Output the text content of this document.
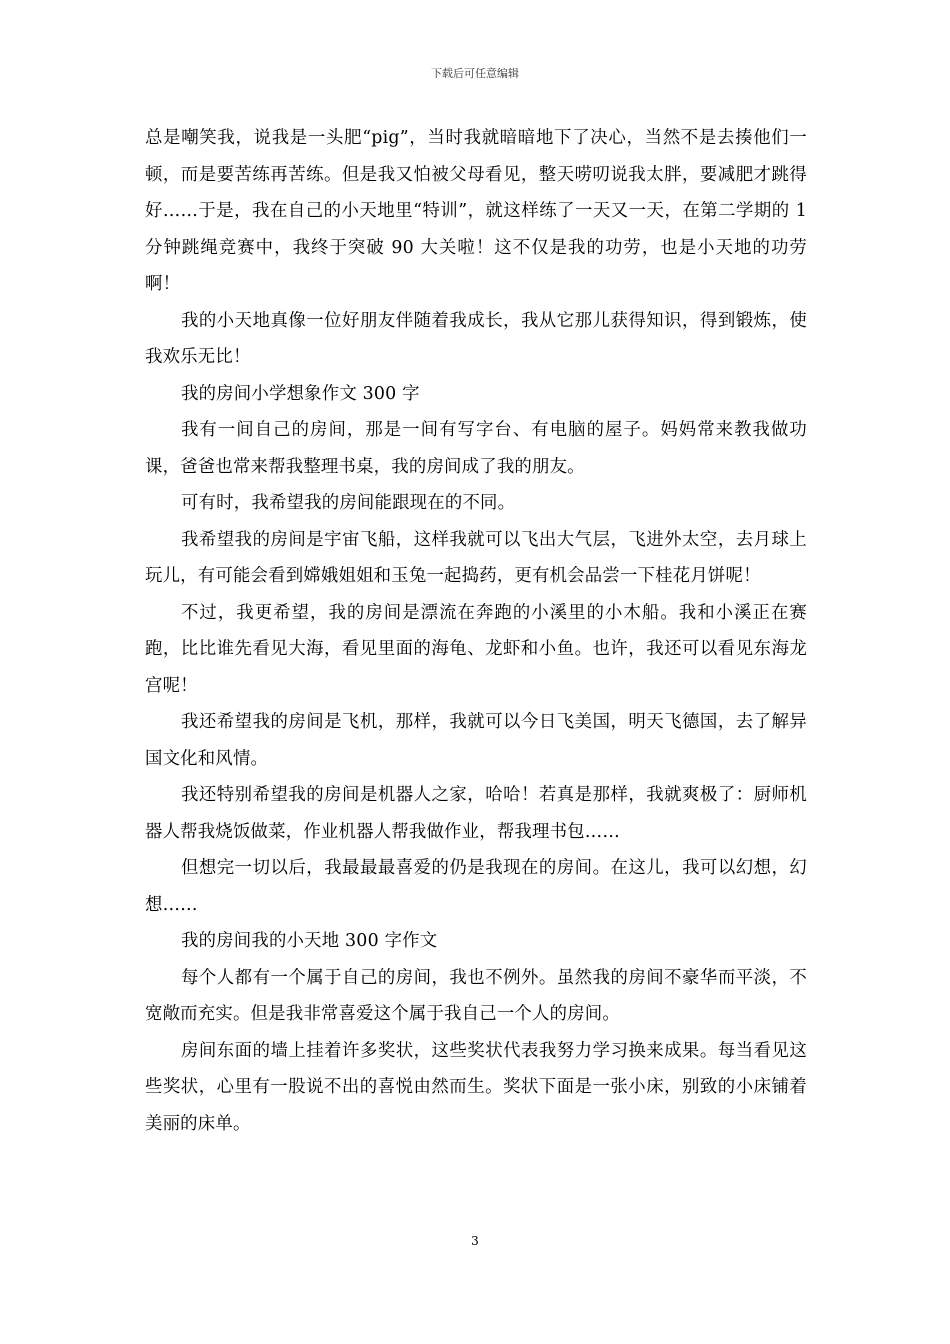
下载后可任意编辑

总是嘲笑我，说我是一头肥“pig”，当时我就暗暗地下了决心，当然不是去揍他们一顿，而是要苦练再苦练。但是我又怕被父母看见，整天唠叨说我太胖，要减肥才跳得好……于是，我在自己的小天地里“特训”，就这样练了一天又一天，在第二学期的 1 分钟跳绳竞赛中，我终于突破 90 大关啦！这不仅是我的功劳，也是小天地的功劳啊！

我的小天地真像一位好朋友伴随着我成长，我从它那儿获得知识，得到锻炼，使我欢乐无比！

我的房间小学想象作文 300 字

我有一间自己的房间，那是一间有写字台、有电脑的屋子。妈妈常来教我做功课，爸爸也常来帮我整理书桌，我的房间成了我的朋友。

可有时，我希望我的房间能跟现在的不同。

我希望我的房间是宇宙飞船，这样我就可以飞出大气层，飞进外太空，去月球上玩儿，有可能会看到嫦娥姐姐和玉兔一起捣药，更有机会品尝一下桂花月饼呢！

不过，我更希望，我的房间是漂流在奔跑的小溪里的小木船。我和小溪正在赛跑，比比谁先看见大海，看见里面的海龟、龙虾和小鱼。也许，我还可以看见东海龙宫呢！

我还希望我的房间是飞机，那样，我就可以今日飞美国，明天飞德国，去了解异国文化和风情。

我还特别希望我的房间是机器人之家，哈哈！若真是那样，我就爽极了：厨师机器人帮我烧饭做菜，作业机器人帮我做作业，帮我理书包……

但想完一切以后，我最最最喜爱的仍是我现在的房间。在这儿，我可以幻想，幻想……

我的房间我的小天地 300 字作文

每个人都有一个属于自己的房间，我也不例外。虽然我的房间不豪华而平淡，不宽敞而充实。但是我非常喜爱这个属于我自己一个人的房间。

房间东面的墙上挂着许多奖状，这些奖状代表我努力学习换来成果。每当看见这些奖状，心里有一股说不出的喜悦由然而生。奖状下面是一张小床，别致的小床铺着美丽的床单。

3
